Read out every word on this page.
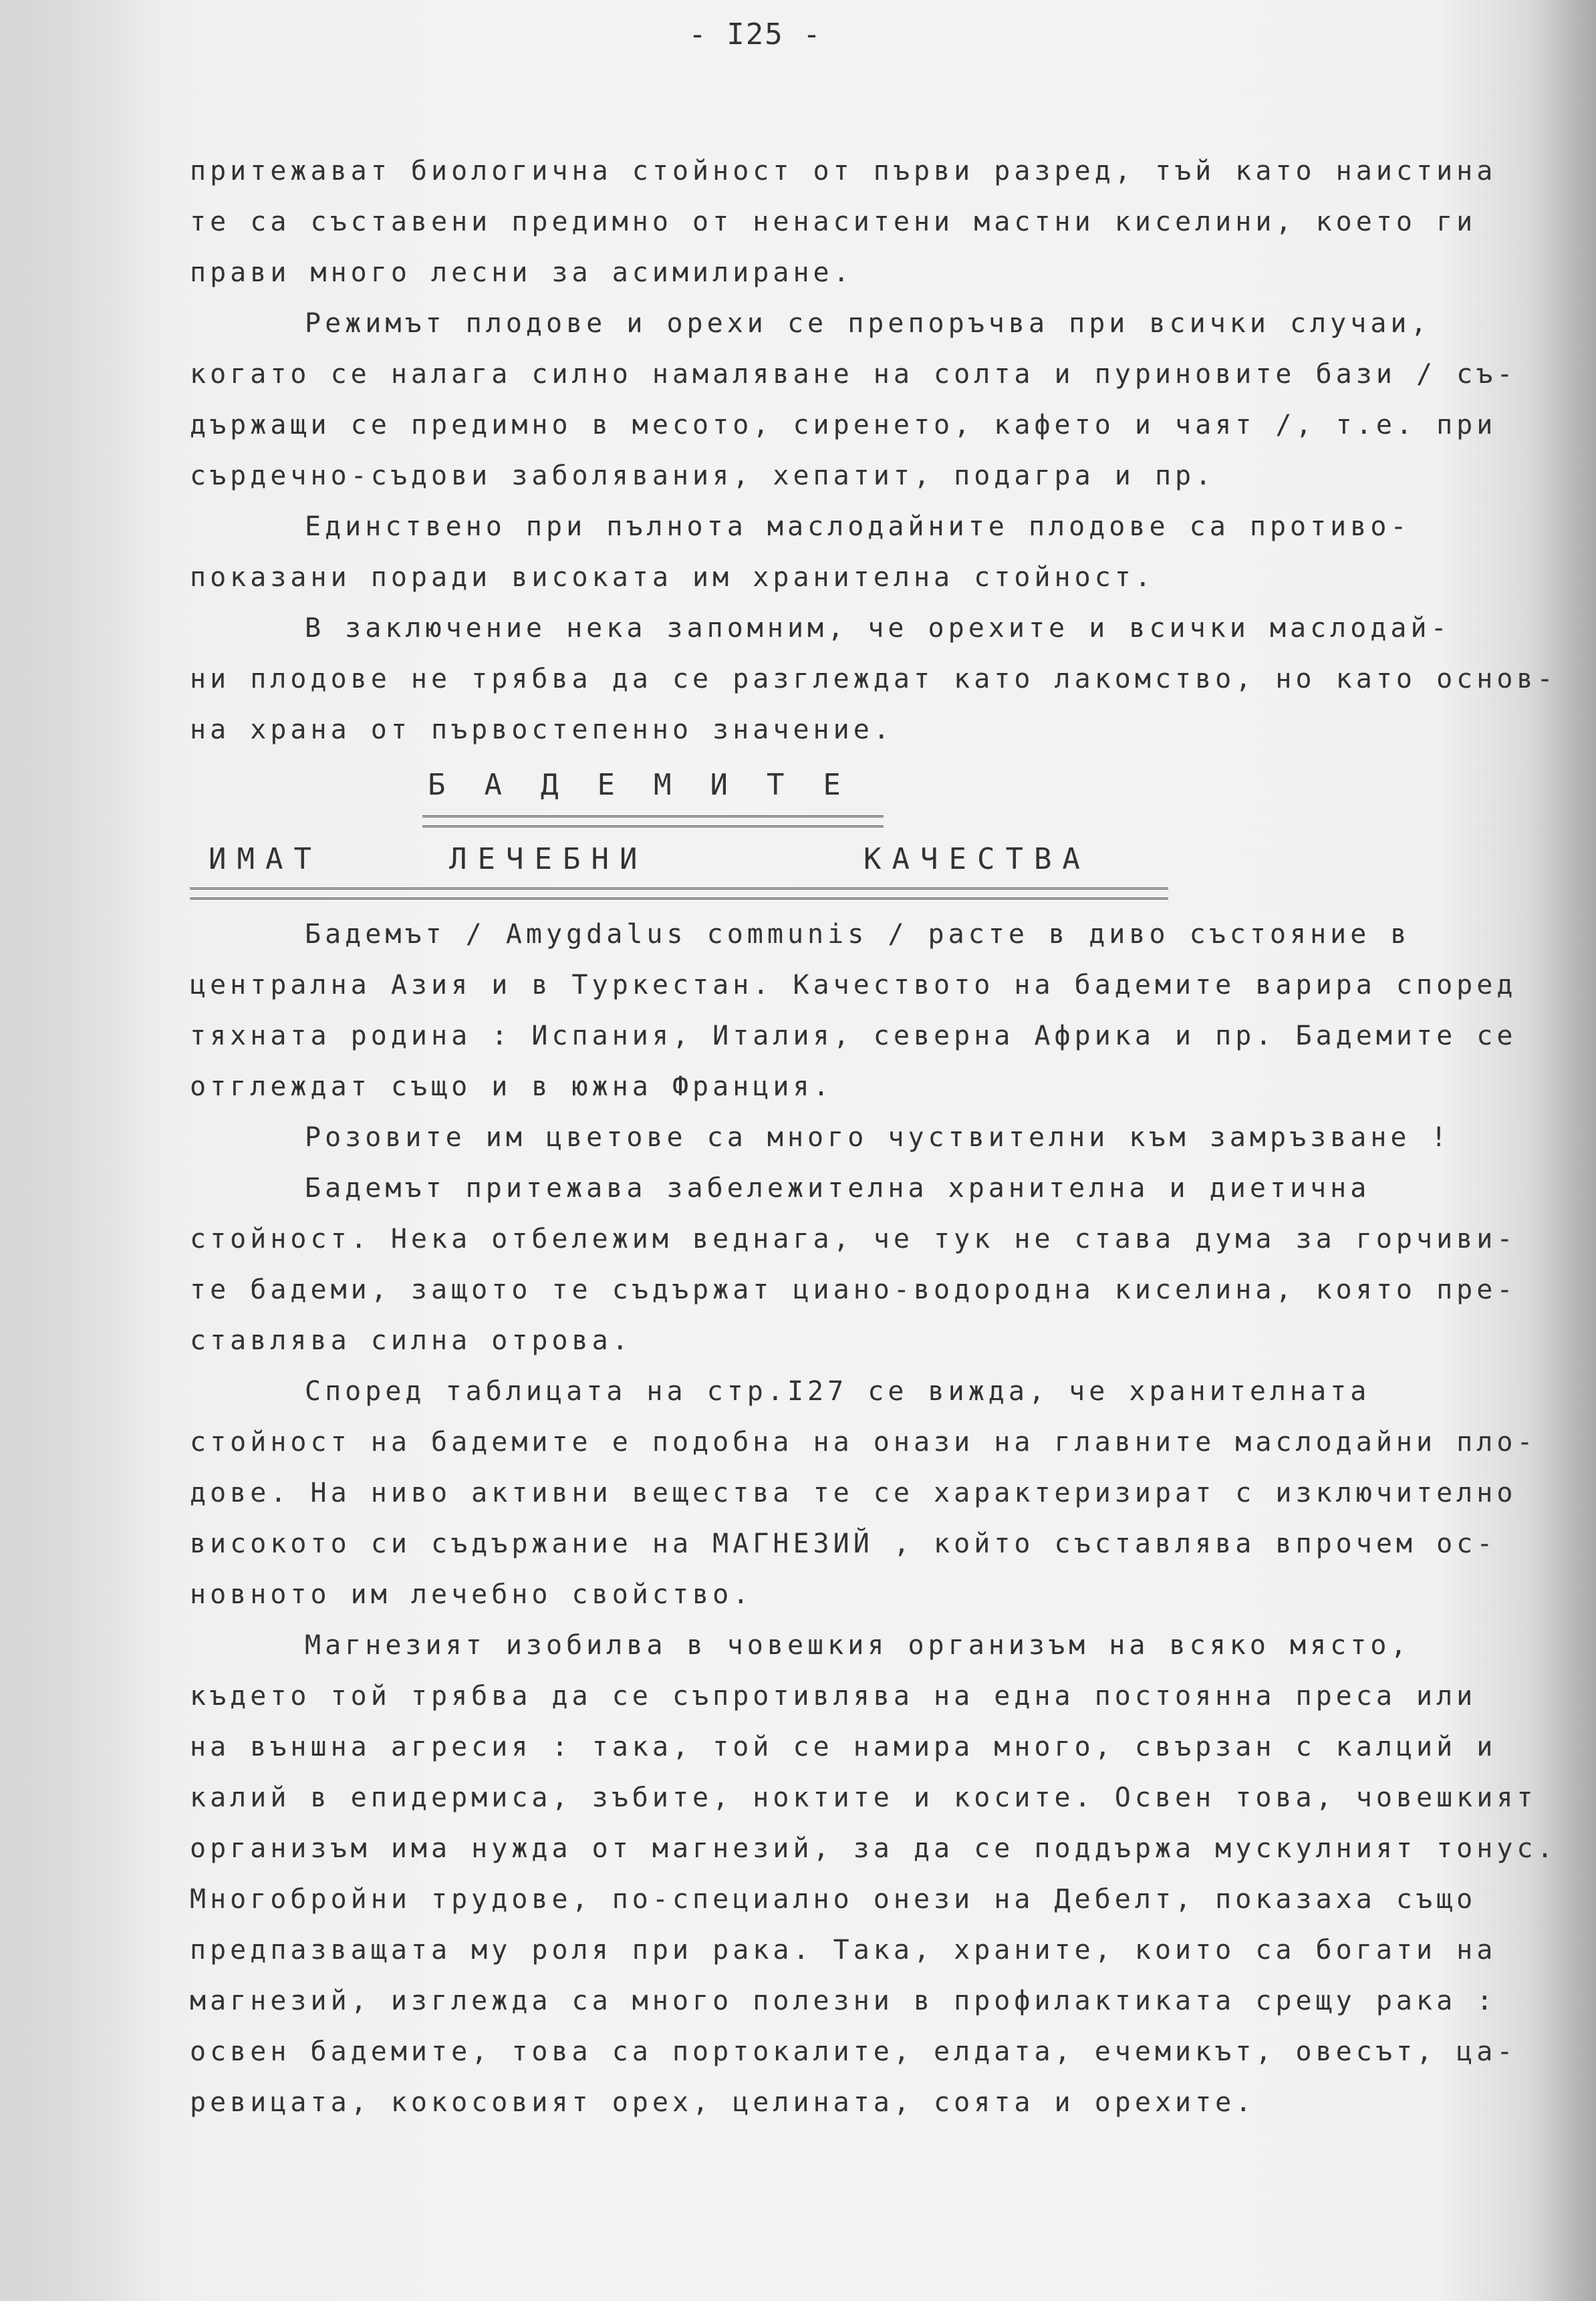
- I25 -
притежават биологична стойност от първи разред, тъй като наистина
те са съставени предимно от ненаситени мастни киселини, което ги
прави много лесни за асимилиране.
Режимът плодове и орехи се препоръчва при всички случаи,
когато се налага силно намаляване на солта и пуриновите бази / съ-
държащи се предимно в месото, сиренето, кафето и чаят /, т.е. при
сърдечно-съдови заболявания, хепатит, подагра и пр.
Единствено при пълнота маслодайните плодове са противо-
показани поради високата им хранителна стойност.
В заключение нека запомним, че орехите и всички маслодай-
ни плодове не трябва да се разглеждат като лакомство, но като основ-
на храна от първостепенно значение.
БАДЕМИТЕ
ИМАТ	ЛЕЧЕБНИ	КАЧЕСТВА
Бадемът / Amygdalus communis / расте в диво състояние в
централна Азия и в Туркестан. Качеството на бадемите варира според
тяхната родина : Испания, Италия, северна Африка и пр. Бадемите се
отглеждат също и в южна Франция.
Розовите им цветове са много чуствителни към замръзване !
Бадемът притежава забележителна хранителна и диетична
стойност. Нека отбележим веднага, че тук не става дума за горчиви-
те бадеми, защото те съдържат циано-водородна киселина, която пре-
ставлява силна отрова.
Според таблицата на стр.I27 се вижда, че хранителната
стойност на бадемите е подобна на онази на главните маслодайни пло-
дове. На ниво активни вещества те се характеризират с изключително
високото си съдържание на МАГНЕЗИЙ , който съставлява впрочем ос-
новното им лечебно свойство.
Магнезият изобилва в човешкия организъм на всяко място,
където той трябва да се съпротивлява на една постоянна преса или
на външна агресия : така, той се намира много, свързан с калций и
калий в епидермиса, зъбите, ноктите и косите. Освен това, човешкият
организъм има нужда от магнезий, за да се поддържа мускулният тонус.
Многобройни трудове, по-специално онези на Дебелт, показаха също
предпазващата му роля при рака. Така, храните, които са богати на
магнезий, изглежда са много полезни в профилактиката срещу рака :
освен бадемите, това са портокалите, елдата, ечемикът, овесът, ца-
ревицата, кокосовият орех, целината, соята и орехите.
